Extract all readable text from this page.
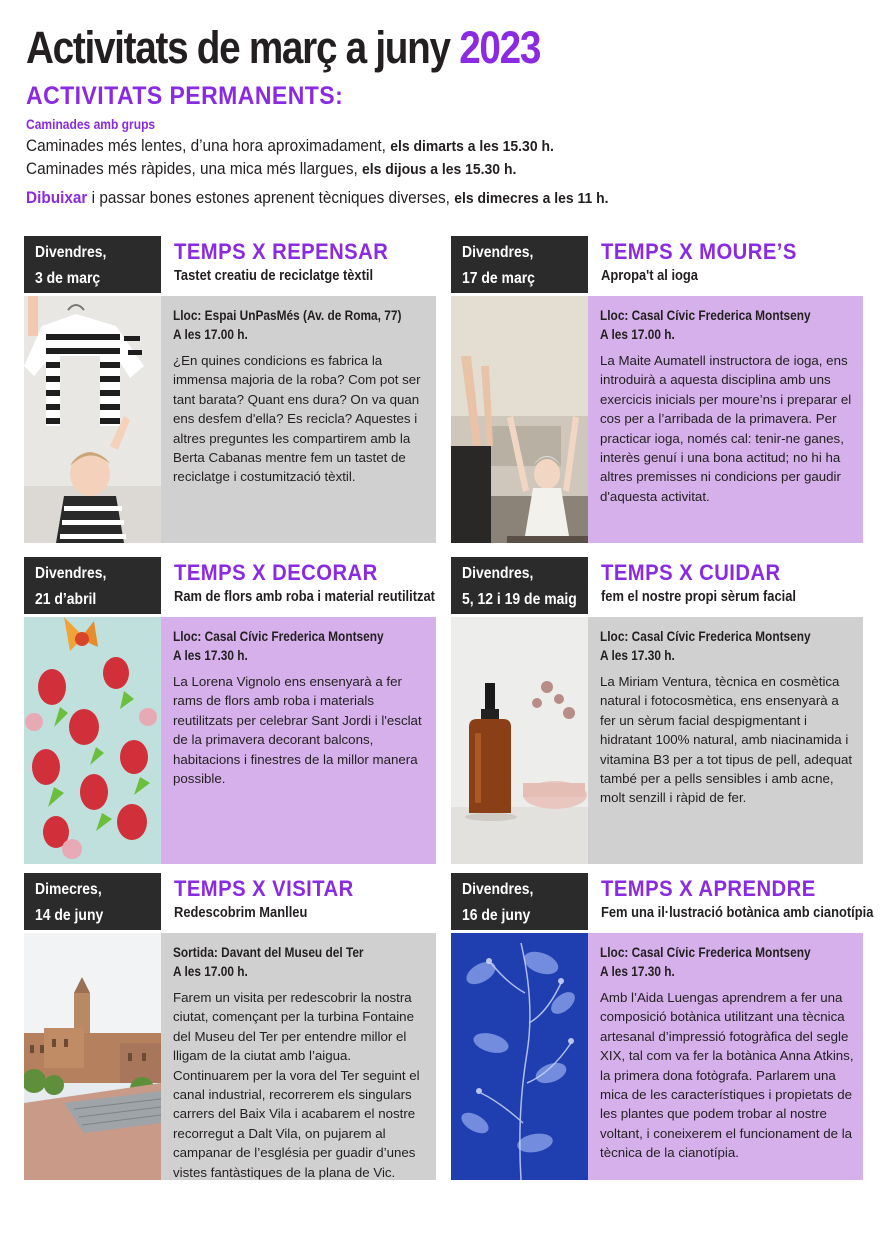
Activitats de març a juny 2023
ACTIVITATS PERMANENTS:
Caminades amb grups
Caminades més lentes, d’una hora aproximadament, els dimarts a les 15.30 h.
Caminades més ràpides, una mica més llargues, els dijous a les 15.30 h.
Dibuixar i passar bones estones aprenent tècniques diverses, els dimecres a les 11 h.
Divendres,
3 de març
TEMPS X REPENSAR
Tastet creatiu de reciclatge tèxtil
Lloc: Espai UnPasMés (Av. de Roma, 77)
A les 17.00 h.
¿En quines condicions es fabrica la immensa majoria de la roba? Com pot ser tant barata? Quant ens dura? On va quan ens desfem d'ella? Es recicla? Aquestes i altres preguntes les compartirem amb la Berta Cabanas mentre fem un tastet de reciclatge i costumització tèxtil.
Divendres,
17 de març
TEMPS X MOURE’S
Apropa't al ioga
Lloc: Casal Cívic Frederica Montseny
A les 17.00 h.
La Maite Aumatell instructora de ioga, ens introduirà a aquesta disciplina amb uns exercicis inicials per moure’ns i preparar el cos per a l’arribada de la primavera. Per practicar ioga, només cal: tenir-ne ganes, interès genuí i una bona actitud; no hi ha altres premisses ni condicions per gaudir d'aquesta activitat.
Divendres,
21 d’abril
TEMPS X DECORAR
Ram de flors amb roba i material reutilitzat
Lloc: Casal Cívic Frederica Montseny
A les 17.30 h.
La Lorena Vignolo ens ensenyarà a fer rams de flors amb roba i materials reutilitzats per celebrar Sant Jordi i l'esclat de la primavera decorant balcons, habitacions i finestres de la millor manera possible.
Divendres,
5, 12 i 19 de maig
TEMPS X CUIDAR
fem el nostre propi sèrum facial
Lloc: Casal Cívic Frederica Montseny
A les 17.30 h.
La Miriam Ventura, tècnica en cosmètica natural i fotocosmètica, ens ensenyarà a fer un sèrum facial despigmentant i hidratant 100% natural, amb niacinamida i vitamina B3 per a tot tipus de pell, adequat també per a pells sensibles i amb acne, molt senzill i ràpid de fer.
Dimecres,
14 de juny
TEMPS X VISITAR
Redescobrim Manlleu
Sortida: Davant del Museu del Ter
A les 17.00 h.
Farem un visita per redescobrir la nostra ciutat, començant per la turbina Fontaine del Museu del Ter per entendre millor el lligam de la ciutat amb l’aigua. Continuarem per la vora del Ter seguint el canal industrial, recorrerem els singulars carrers del Baix Vila i acabarem el nostre recorregut a Dalt Vila, on pujarem al campanar de l’església per guadir d’unes vistes fantàstiques de la plana de Vic.
Divendres,
16 de juny
TEMPS X APRENDRE
Fem una il·lustració botànica amb cianotípia
Lloc: Casal Cívic Frederica Montseny
A les 17.30 h.
Amb l’Aida Luengas aprendrem a fer una composició botànica utilitzant una tècnica artesanal d’impressió fotogràfica del segle XIX, tal com va fer la botànica Anna Atkins, la primera dona fotògrafa. Parlarem una mica de les característiques i propietats de les plantes que podem trobar al nostre voltant, i coneixerem el funcionament de la tècnica de la cianotípia.
